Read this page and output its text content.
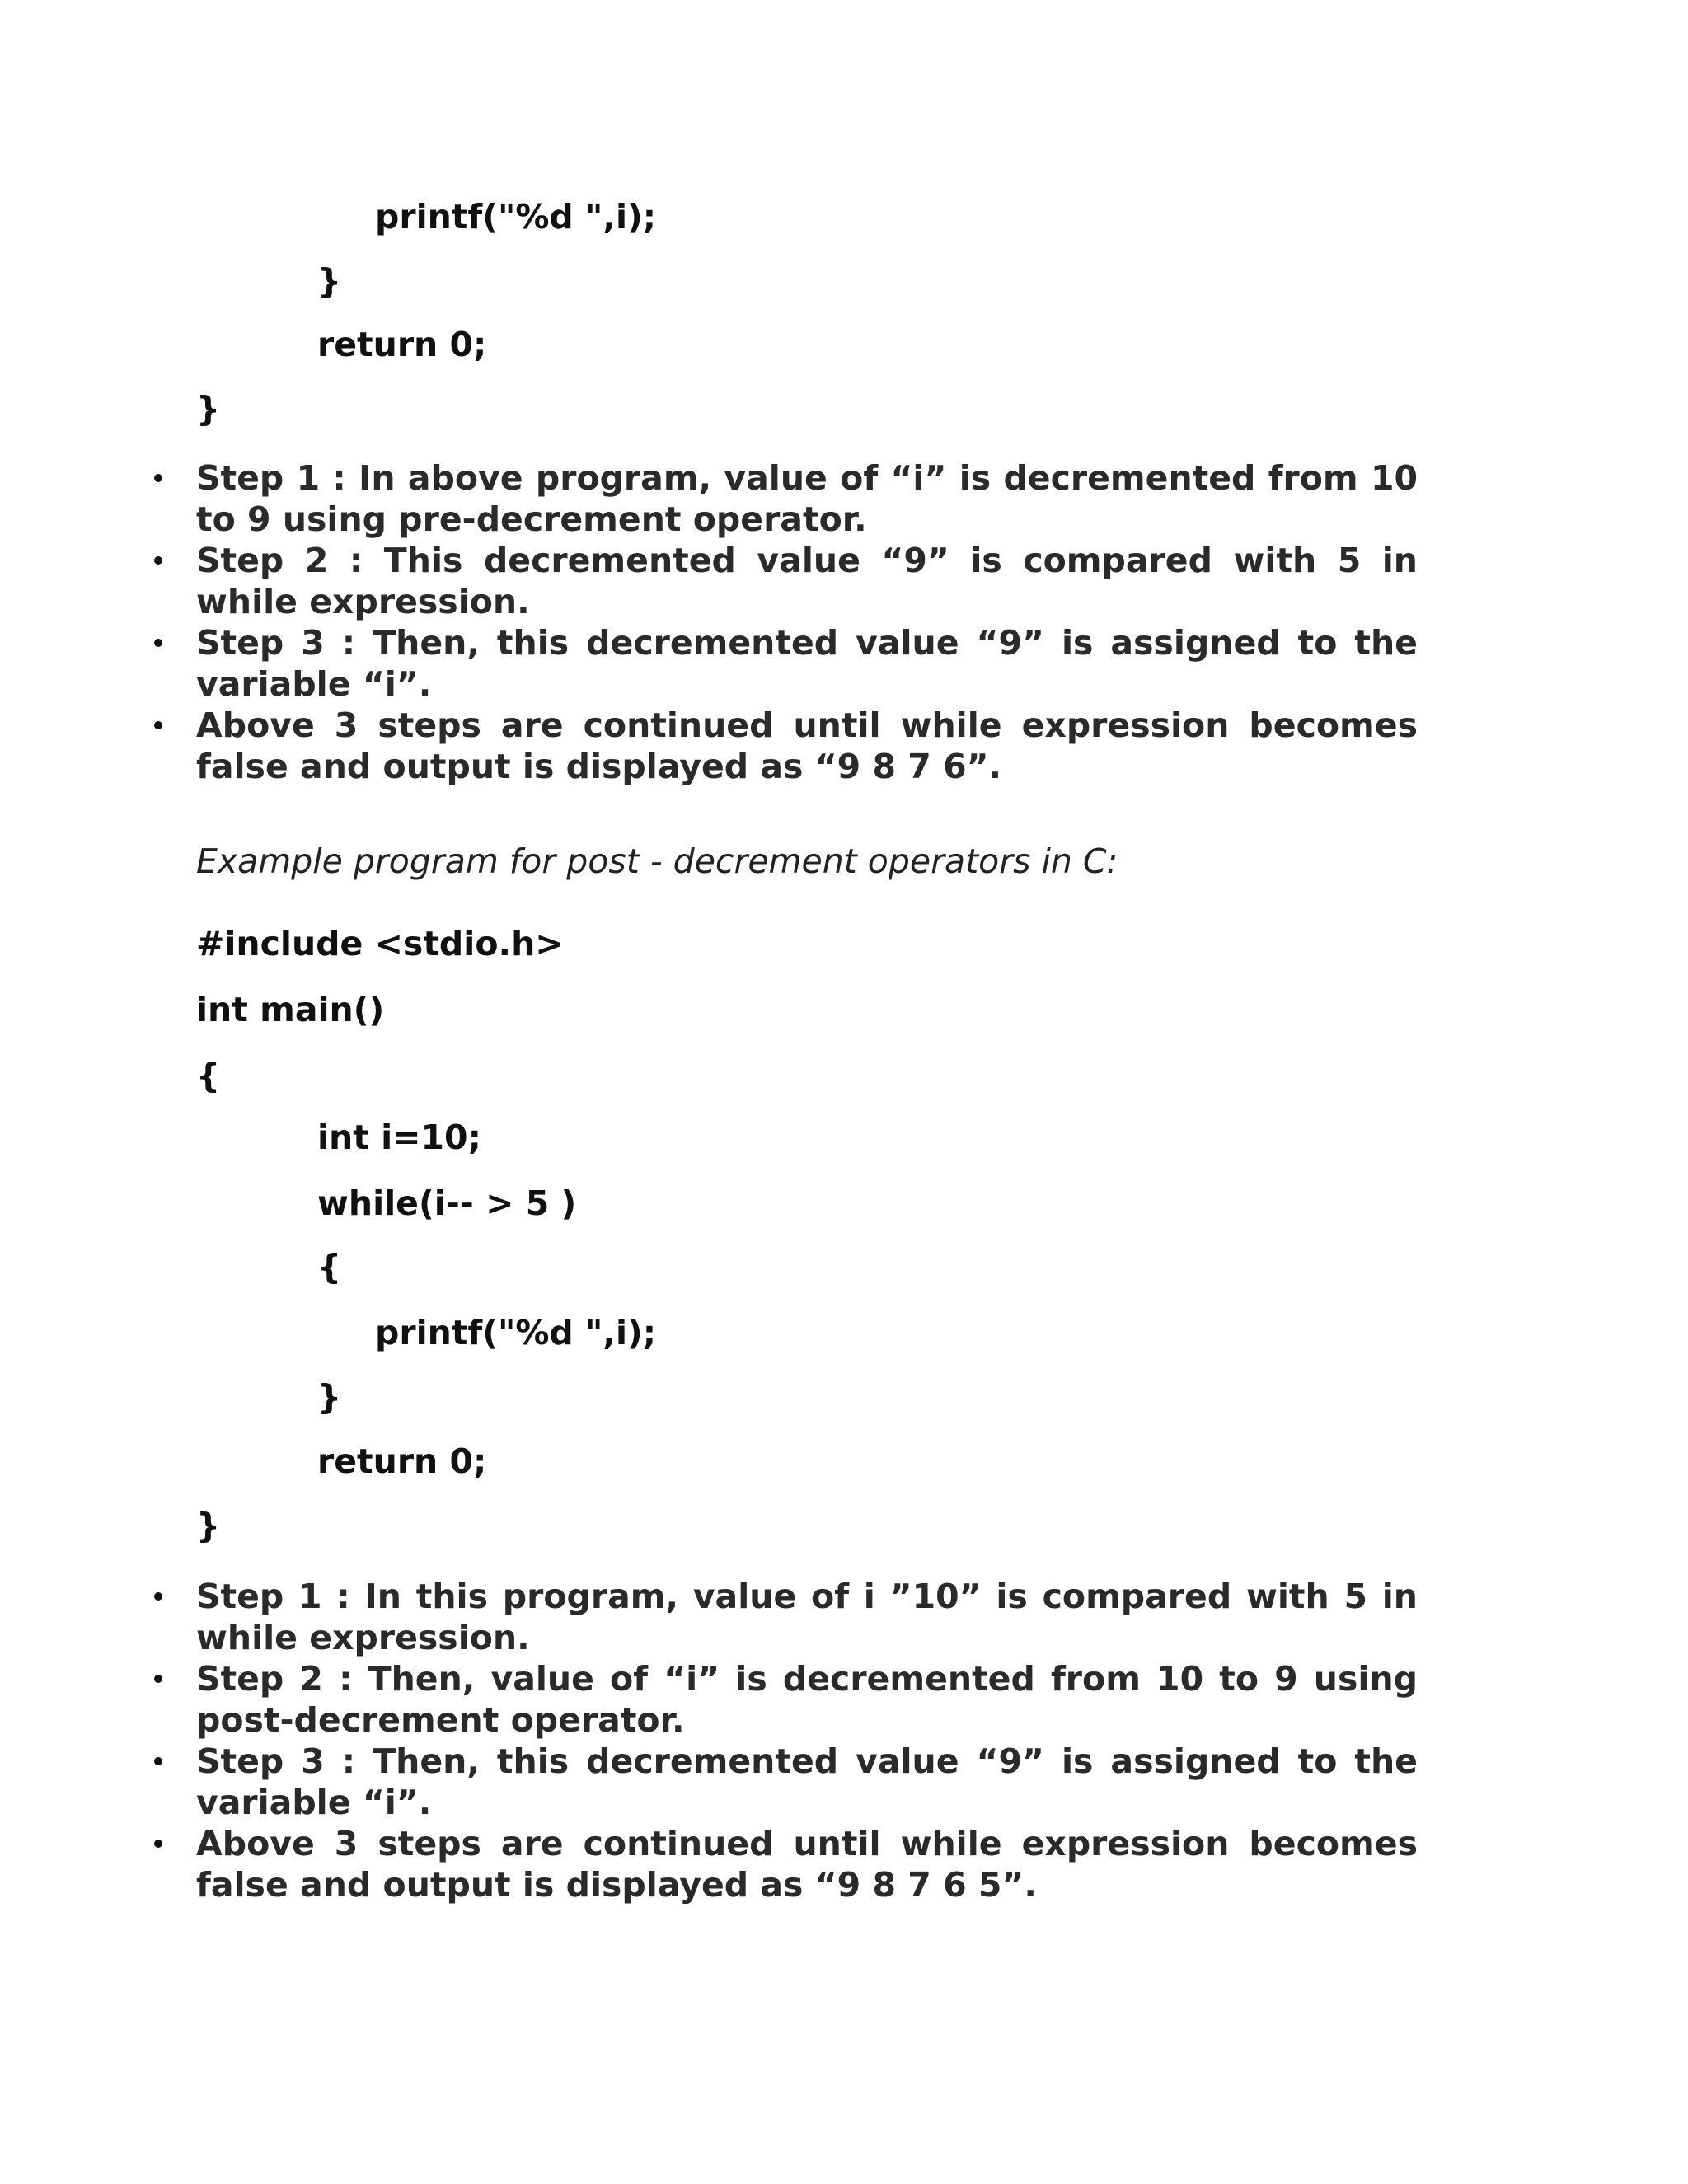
printf("%d ",i);
}
return 0;
}
Step 1 : In above program, value of “i” is decremented from 10 to 9 using pre-decrement operator.
Step 2 : This decremented value “9” is compared with 5 in while expression.
Step 3 : Then, this decremented value “9” is assigned to the variable “i”.
Above 3 steps are continued until while expression becomes false and output is displayed as “9 8 7 6”.
Example program for post - decrement operators in C:
#include <stdio.h>
int main()
{
int i=10;
while(i-- > 5 )
{
printf("%d ",i);
}
return 0;
}
Step 1 : In this program, value of i ”10” is compared with 5 in while expression.
Step 2 : Then, value of “i” is decremented from 10 to 9 using post-decrement operator.
Step 3 : Then, this decremented value “9” is assigned to the variable “i”.
Above 3 steps are continued until while expression becomes false and output is displayed as “9 8 7 6 5”.
